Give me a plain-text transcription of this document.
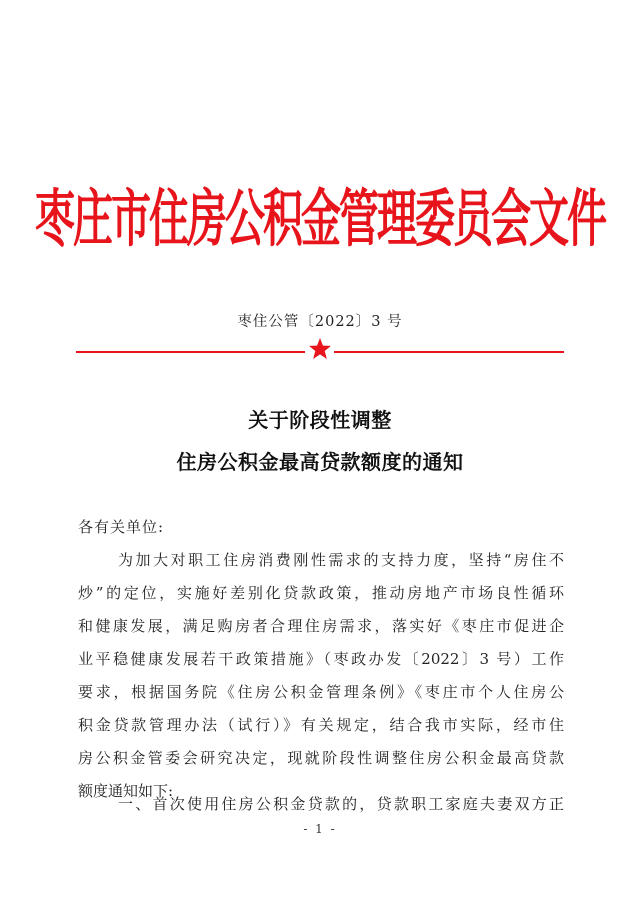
枣庄市住房公积金管理委员会文件
枣住公管〔2022〕3 号
关于阶段性调整
住房公积金最高贷款额度的通知
各有关单位:
为加大对职工住房消费刚性需求的支持力度，坚持“房住不
炒”的定位，实施好差别化贷款政策，推动房地产市场良性循环
和健康发展，满足购房者合理住房需求，落实好《枣庄市促进企
业平稳健康发展若干政策措施》（枣政办发〔2022〕3 号）工作
要求，根据国务院《住房公积金管理条例》《枣庄市个人住房公
积金贷款管理办法（试行）》有关规定，结合我市实际，经市住
房公积金管委会研究决定，现就阶段性调整住房公积金最高贷款
额度通知如下:
一、首次使用住房公积金贷款的，贷款职工家庭夫妻双方正
- 1 -
